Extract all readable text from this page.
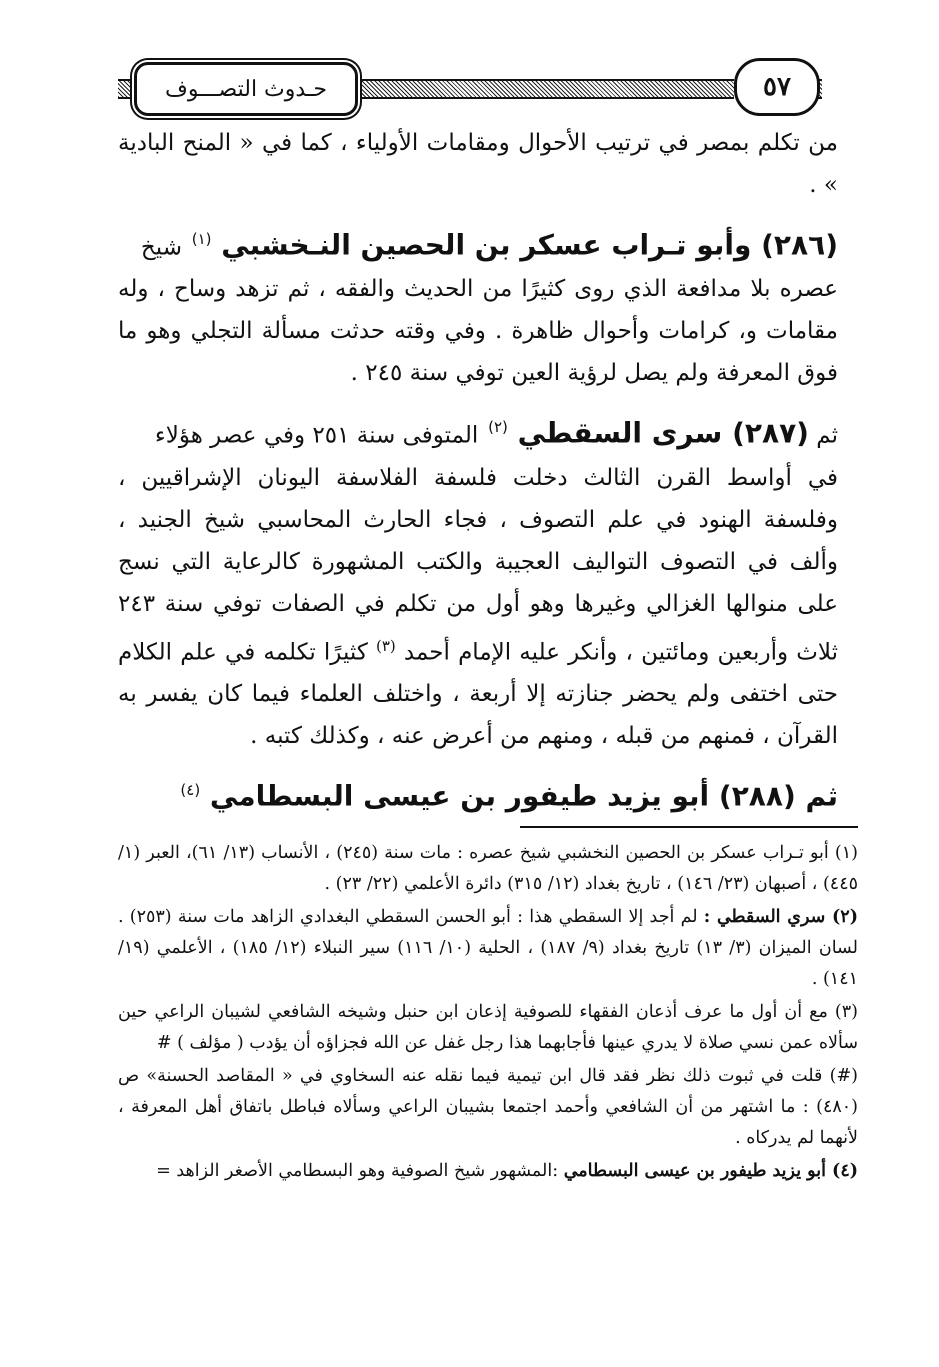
حـدوث التصـــوف	٥٧

من تكلم بمصر في ترتيب الأحوال ومقامات الأولياء ، كما في « المنح البادية » .

(٢٨٦) وأبو تـراب عسكر بن الحصين النـخشبي $^{(١)}$ شيخ

عصره بلا مدافعة الذي روى كثيرًا من الحديث والفقه ، ثم تزهد وساح ، وله مقامات و، كرامات وأحوال ظاهرة . وفي وقته حدثت مسألة التجلي وهو ما فوق المعرفة ولم يصل لرؤية العين توفي سنة ٢٤٥ .

ثم (٢٨٧) سرى السقطي $^{(٢)}$ المتوفى سنة ٢٥١ وفي عصر هؤلاء

في أواسط القرن الثالث دخلت فلسفة الفلاسفة اليونان الإشراقيين ، وفلسفة الهنود في علم التصوف ، فجاء الحارث المحاسبي شيخ الجنيد ، وألف في التصوف التواليف العجيبة والكتب المشهورة كالرعاية التي نسج على منوالها الغزالي وغيرها وهو أول من تكلم في الصفات توفي سنة ٢٤٣ ثلاث وأربعين ومائتين ، وأنكر عليه الإمام أحمد $^{(٣)}$ كثيرًا تكلمه في علم الكلام حتى اختفى ولم يحضر جنازته إلا أربعة ، واختلف العلماء فيما كان يفسر به القرآن ، فمنهم من قبله ، ومنهم من أعرض عنه ، وكذلك كتبه .

ثم (٢٨٨) أبو يزيد طيفور بن عيسى البسطامي $^{(٤)}$

(١) أبو تـراب عسكر بن الحصين النخشبي شيخ عصره : مات سنة (٢٤٥) ، الأنساب (١٣/ ٦١)، العبر (١/ ٤٤٥) ، أصبهان (٢٣/ ١٤٦) ، تاريخ بغداد (١٢/ ٣١٥) دائرة الأعلمي (٢٢/ ٢٣) .

(٢) سري السقطي : لم أجد إلا السقطي هذا : أبو الحسن السقطي البغدادي الزاهد مات سنة (٢٥٣) . لسان الميزان (٣/ ١٣) تاريخ بغداد (٩/ ١٨٧) ، الحلية (١٠/ ١١٦) سير النبلاء (١٢/ ١٨٥) ، الأعلمي (١٩/ ١٤١) .

(٣) مع أن أول ما عرف أذعان الفقهاء للصوفية إذعان ابن حنبل وشيخه الشافعي لشيبان الراعي حين سألاه عمن نسي صلاة لا يدري عينها فأجابهما هذا رجل غفل عن الله فجزاؤه أن يؤدب ( مؤلف ) #

(#) قلت في ثبوت ذلك نظر فقد قال ابن تيمية فيما نقله عنه السخاوي في « المقاصد الحسنة» ص (٤٨٠) : ما اشتهر من أن الشافعي وأحمد اجتمعا بشيبان الراعي وسألاه فباطل باتفاق أهل المعرفة ، لأنهما لم يدركاه .

(٤) أبو يزيد طيفور بن عيسى البسطامي :المشهور شيخ الصوفية وهو البسطامي الأصغر الزاهد =
